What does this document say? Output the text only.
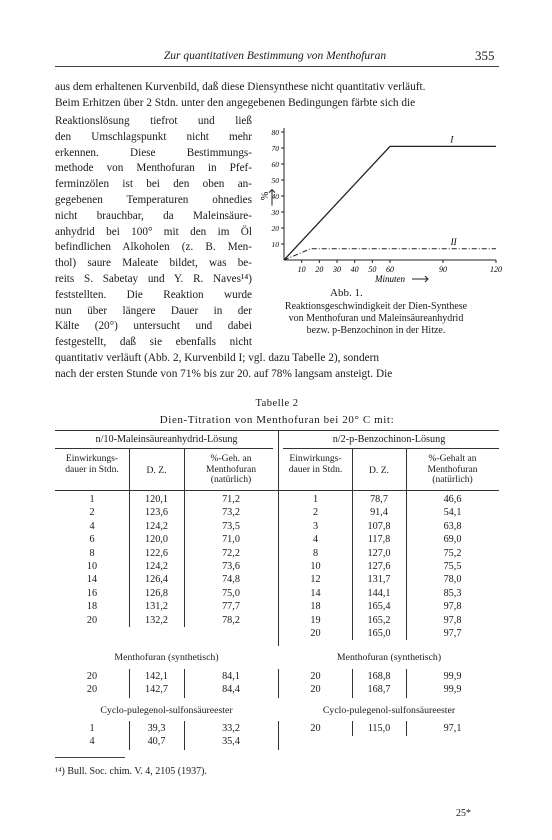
Zur quantitativen Bestimmung von Menthofuran	355
aus dem erhaltenen Kurvenbild, daß diese Diensynthese nicht quantitativ verläuft.
Beim Erhitzen über 2 Stdn. unter den angegebenen Bedingungen färbte sich die
Reaktionslösung tiefrot und ließ
den Umschlagspunkt nicht mehr
erkennen. Diese Bestimmungs-
methode von Menthofuran in Pfef-
ferminzölen ist bei den oben an-
gegebenen Temperaturen ohnedies
nicht brauchbar, da Maleinsäure-
anhydrid bei 100° mit den im Öl
befindlichen Alkoholen (z. B. Men-
thol) saure Maleate bildet, was be-
reits S. Sabetay und Y. R. Naves¹⁴)
feststellten. Die Reaktion wurde
nun über längere Dauer in der
Kälte (20°) untersucht und dabei
festgestellt, daß sie ebenfalls nicht
10 20 30 40 50 60	90	120
10
20
30
40
50
60
70
80
%
Minuten
I
II
Abb. 1.
Reaktionsgeschwindigkeit der Dien-Synthese
von Menthofuran und Maleinsäureanhydrid
bezw. p-Benzochinon in der Hitze.
quantitativ verläuft (Abb. 2, Kurvenbild I; vgl. dazu Tabelle 2), sondern
nach der ersten Stunde von 71% bis zur 20. auf 78% langsam ansteigt. Die
Tabelle 2
Dien-Titration von Menthofuran bei 20° C mit:
n/10-Maleinsäureanhydrid-Lösung	n/2-p-Benzochinon-Lösung
Einwirkungs-
dauer in Stdn.	D. Z.
%-Geh. an
Menthofuran
(natürlich)
Einwirkungs-
dauer in Stdn.	D. Z.
%-Gehalt an
Menthofuran
(natürlich)
1	120,1	71,2
2	123,6	73,2
4	124,2	73,5
6	120,0	71,0
8	122,6	72,2
10	124,2	73,6
14	126,4	74,8
16	126,8	75,0
18	131,2	77,7
20	132,2	78,2
1	78,7	46,6
2	91,4	54,1
3	107,8	63,8
4	117,8	69,0
8	127,0	75,2
10	127,6	75,5
12	131,7	78,0
14	144,1	85,3
18	165,4	97,8
19	165,2	97,8
20	165,0	97,7
Menthofuran (synthetisch)	Menthofuran (synthetisch)
20	142,1	84,1
20	142,7	84,4
20	168,8	99,9
20	168,7	99,9
Cyclo-pulegenol-sulfonsäureester	Cyclo-pulegenol-sulfonsäureester
1	39,3	33,2
4	40,7	35,4
20	115,0	97,1
¹⁴) Bull. Soc. chim. V. 4, 2105 (1937).
25*
